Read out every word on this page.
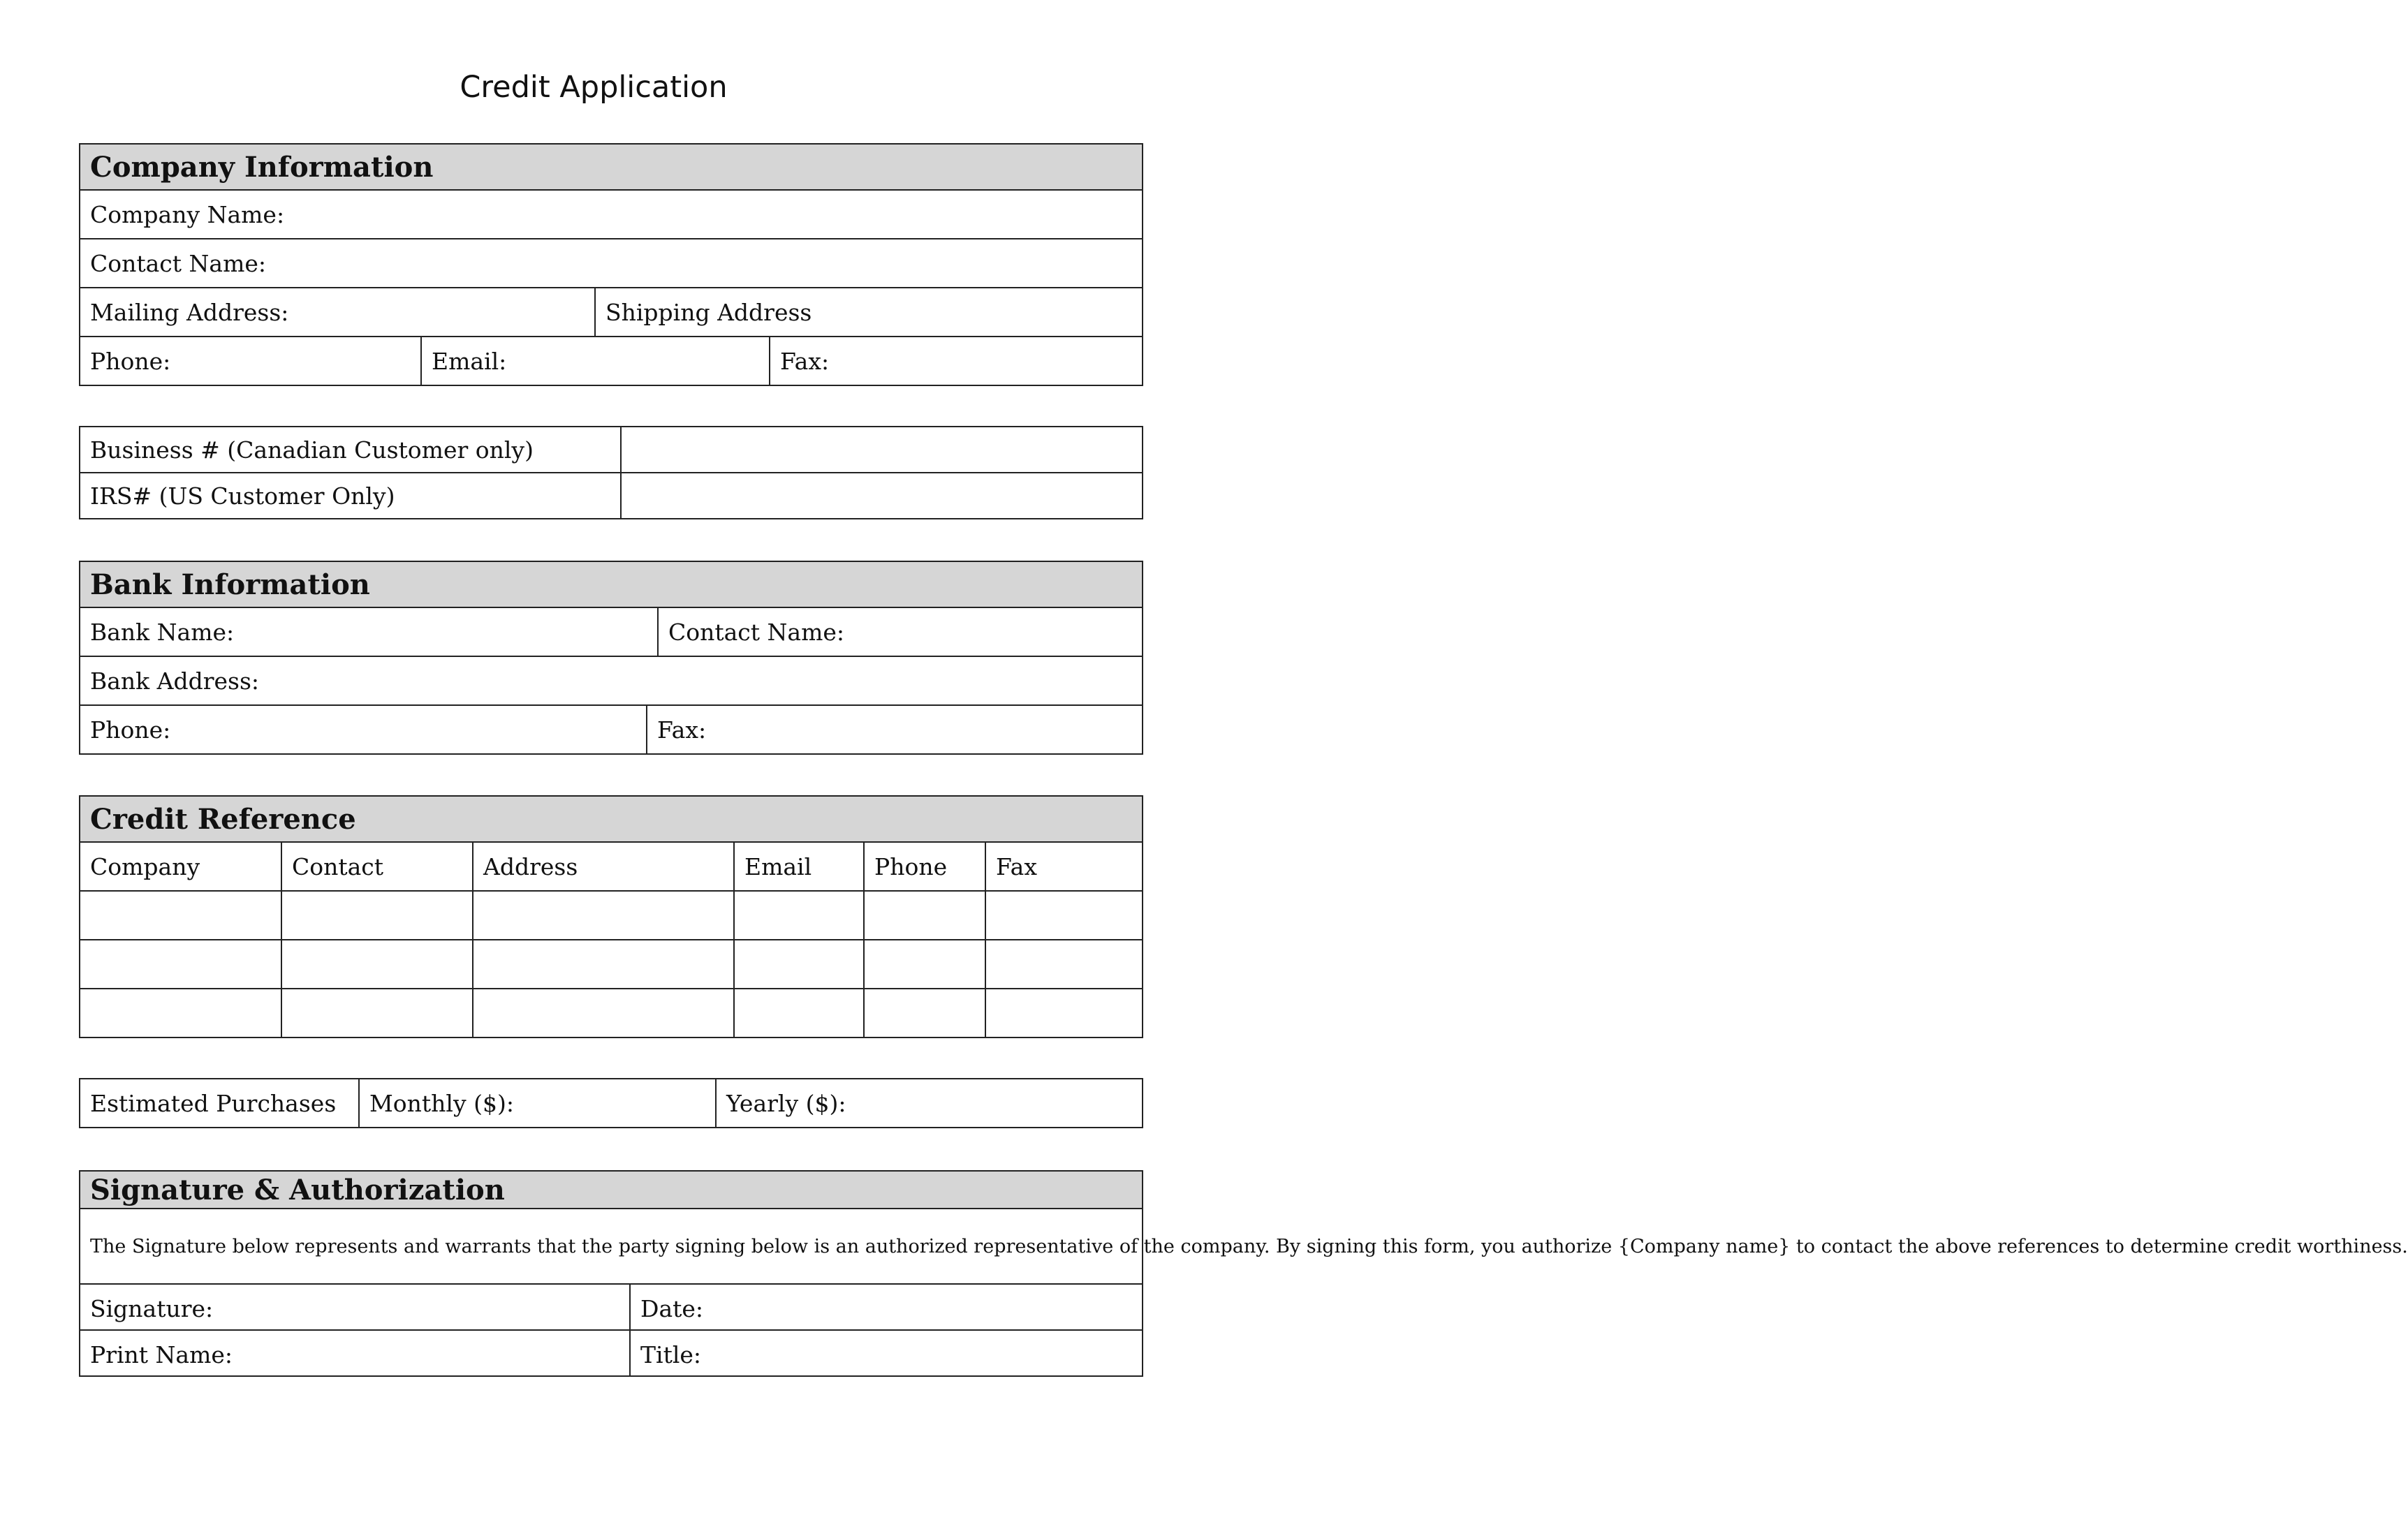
Credit Application
Company Information			
Company Name:			
Contact Name:			
Mailing Address:		Shipping Address	
Phone:	Email:		Fax:
Business # (Canadian Customer only)	
IRS# (US Customer Only)	
Bank Information		
Bank Name:		Contact Name:
Bank Address:		
Phone:	Fax:	
Credit Reference					
Company	Contact	Address	Email	Phone	Fax

Estimated Purchases	Monthly ($):	Yearly ($):
Signature & Authorization	
The Signature below represents and warrants that the party signing below is an authorized representative of the company. By signing this form, you authorize {Company name} to contact the above references to determine credit worthiness.	
Signature:	Date:
Print Name:	Title:
